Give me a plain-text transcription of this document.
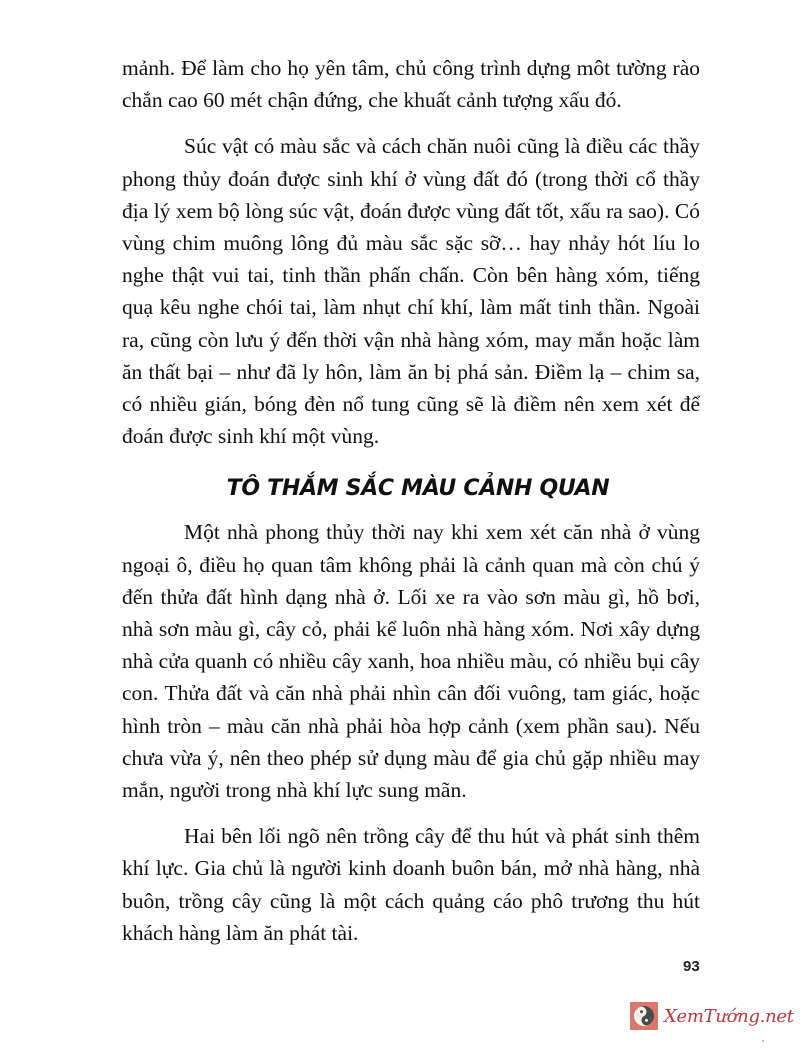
mảnh. Để làm cho họ yên tâm, chủ công trình dựng môt tường rào chắn cao 60 mét chận đứng, che khuất cảnh tượng xấu đó.

Súc vật có màu sắc và cách chăn nuôi cũng là điều các thầy phong thủy đoán được sinh khí ở vùng đất đó (trong thời cổ thầy địa lý xem bộ lòng súc vật, đoán được vùng đất tốt, xấu ra sao). Có vùng chim muông lông đủ màu sắc sặc sỡ… hay nhảy hót líu lo nghe thật vui tai, tinh thần phấn chấn. Còn bên hàng xóm, tiếng quạ kêu nghe chói tai, làm nhụt chí khí, làm mất tinh thần. Ngoài ra, cũng còn lưu ý đến thời vận nhà hàng xóm, may mắn hoặc làm ăn thất bại – như đã ly hôn, làm ăn bị phá sản. Điềm lạ – chim sa, có nhiều gián, bóng đèn nổ tung cũng sẽ là điềm nên xem xét để đoán được sinh khí một vùng.

TÔ THẮM SẮC MÀU CẢNH QUAN

Một nhà phong thủy thời nay khi xem xét căn nhà ở vùng ngoại ô, điều họ quan tâm không phải là cảnh quan mà còn chú ý đến thửa đất hình dạng nhà ở. Lối xe ra vào sơn màu gì, hồ bơi, nhà sơn màu gì, cây cỏ, phải kể luôn nhà hàng xóm. Nơi xây dựng nhà cửa quanh có nhiều cây xanh, hoa nhiều màu, có nhiều bụi cây con. Thửa đất và căn nhà phải nhìn cân đối vuông, tam giác, hoặc hình tròn – màu căn nhà phải hòa hợp cảnh (xem phần sau). Nếu chưa vừa ý, nên theo phép sử dụng màu để gia chủ gặp nhiều may mắn, người trong nhà khí lực sung mãn.

Hai bên lối ngõ nên trồng cây để thu hút và phát sinh thêm khí lực. Gia chủ là người kinh doanh buôn bán, mở nhà hàng, nhà buôn, trồng cây cũng là một cách quảng cáo phô trương thu hút khách hàng làm ăn phát tài.

93
XemTướng.net
